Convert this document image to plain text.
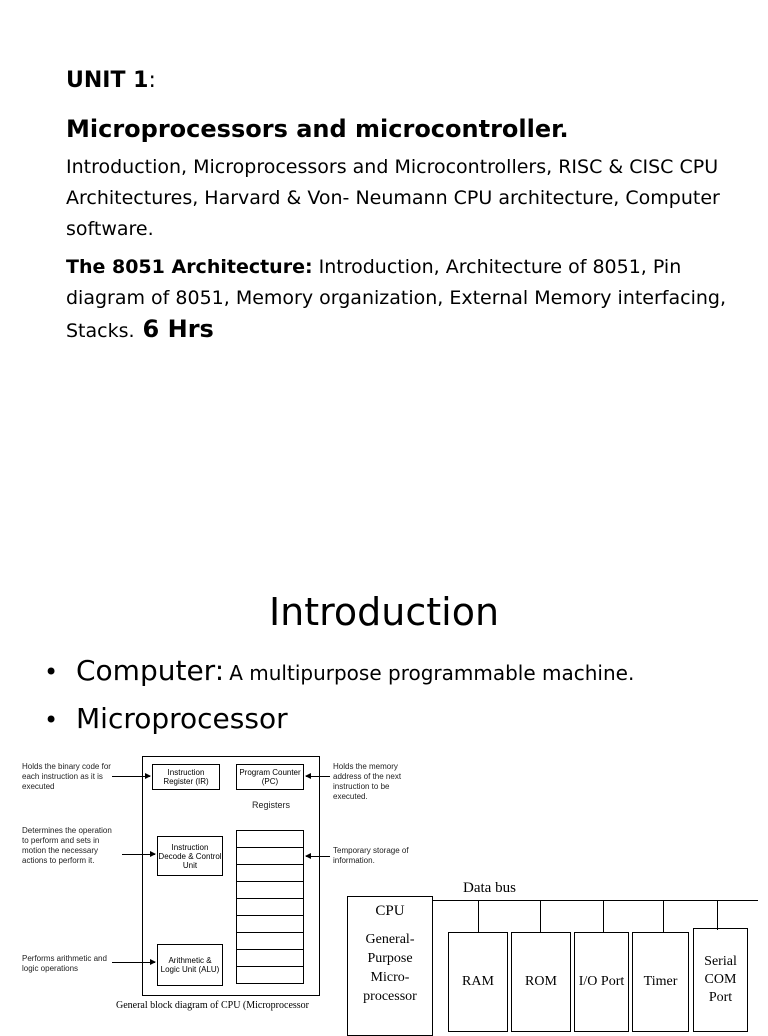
UNIT 1:
Microprocessors and microcontroller.
Introduction, Microprocessors and Microcontrollers, RISC & CISC CPU Architectures, Harvard & Von- Neumann CPU architecture, Computer software.
The 8051 Architecture: Introduction, Architecture of 8051, Pin diagram of 8051, Memory organization, External Memory interfacing, Stacks. 6 Hrs
Introduction
• Computer: A multipurpose programmable machine.
• Microprocessor
Holds the binary code for each instruction as it is executed
Determines the operation to perform and sets in motion the necessary actions to perform it.
Performs arithmetic and logic operations
Holds the memory address of the next instruction to be executed.
Temporary storage of information.
Instruction Register (IR)
Program Counter (PC)
Registers
Instruction Decode & Control Unit
Arithmetic & Logic Unit (ALU)
General block diagram of CPU (Microprocessor
Data bus
CPU
General-Purpose Micro-processor
RAM	ROM	I/O Port	Timer
Serial COM Port
